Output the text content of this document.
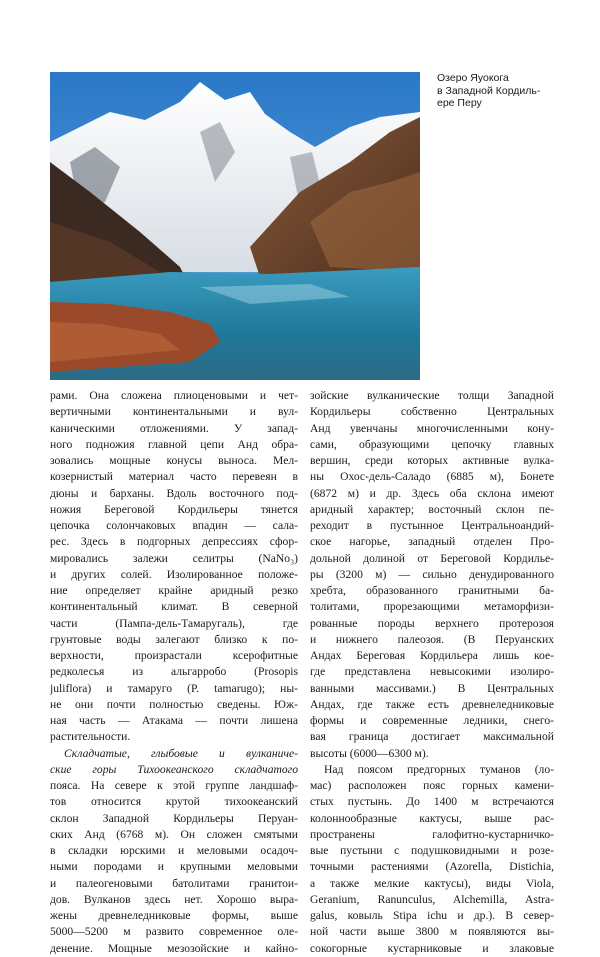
Озеро Яуокога
в Западной Кордиль-
ере Перу
рами. Она сложена плиоценовыми и чет-
вертичными континентальными и вул-
каническими отложениями. У запад-
ного подножия главной цепи Анд обра-
зовались мощные конусы выноса. Мел-
козернистый материал часто перевеян в
дюны и барханы. Вдоль восточного под-
ножия Береговой Кордильеры тянется
цепочка солончаковых впадин — сала-
рес. Здесь в подгорных депрессиях сфор-
мировались залежи селитры (NaNo₃)
и других солей. Изолированное положе-
ние определяет крайне аридный резко
континентальный климат. В северной
части (Пампа-дель-Тамаругаль), где
грунтовые воды залегают близко к по-
верхности, произрастали ксерофитные
редколесья из альгарробо (Prosopis
juliflora) и тамаруго (P. tamarugo); ны-
не они почти полностью сведены. Юж-
ная часть — Атакама — почти лишена
растительности.
Складчатые, глыбовые и вулканиче-
ские горы Тихоокеанского складчатого
пояса. На севере к этой группе ландшаф-
тов относится крутой тихоокеанский
склон Западной Кордильеры Перуан-
ских Анд (6768 м). Он сложен смятыми
в складки юрскими и меловыми осадоч-
ными породами и крупными меловыми
и палеогеновыми батолитами гранитои-
дов. Вулканов здесь нет. Хорошо выра-
жены древнеледниковые формы, выше
5000—5200 м развито современное оле-
денение. Мощные мезозойские и кайно-
зойские вулканические толщи Западной
Кордильеры собственно Центральных
Анд увенчаны многочисленными кону-
сами, образующими цепочку главных
вершин, среди которых активные вулка-
ны Охос-дель-Саладо (6885 м), Бонете
(6872 м) и др. Здесь оба склона имеют
аридный характер; восточный склон пе-
реходит в пустынное Центральноандий-
ское нагорье, западный отделен Про-
дольной долиной от Береговой Кордилье-
ры (3200 м) — сильно денудированного
хребта, образованного гранитными ба-
толитами, прорезающими метаморфизи-
рованные породы верхнего протерозоя
и нижнего палеозоя. (В Перуанских
Андах Береговая Кордильера лишь кое-
где представлена невысокими изолиро-
ванными массивами.) В Центральных
Андах, где также есть древнеледниковые
формы и современные ледники, снего-
вая граница достигает максимальной
высоты (6000—6300 м).
Над поясом предгорных туманов (ло-
мас) расположен пояс горных камени-
стых пустынь. До 1400 м встречаются
колоннообразные кактусы, выше рас-
пространены галофитно-кустарничко-
вые пустыни с подушковидными и розе-
точными растениями (Azorella, Distichia,
а также мелкие кактусы), виды Viola,
Geranium, Ranunculus, Alchemilla, Astra-
galus, ковыль Stipa ichu и др.). В север-
ной части выше 3800 м появляются вы-
сокогорные кустарниковые и злаковые
